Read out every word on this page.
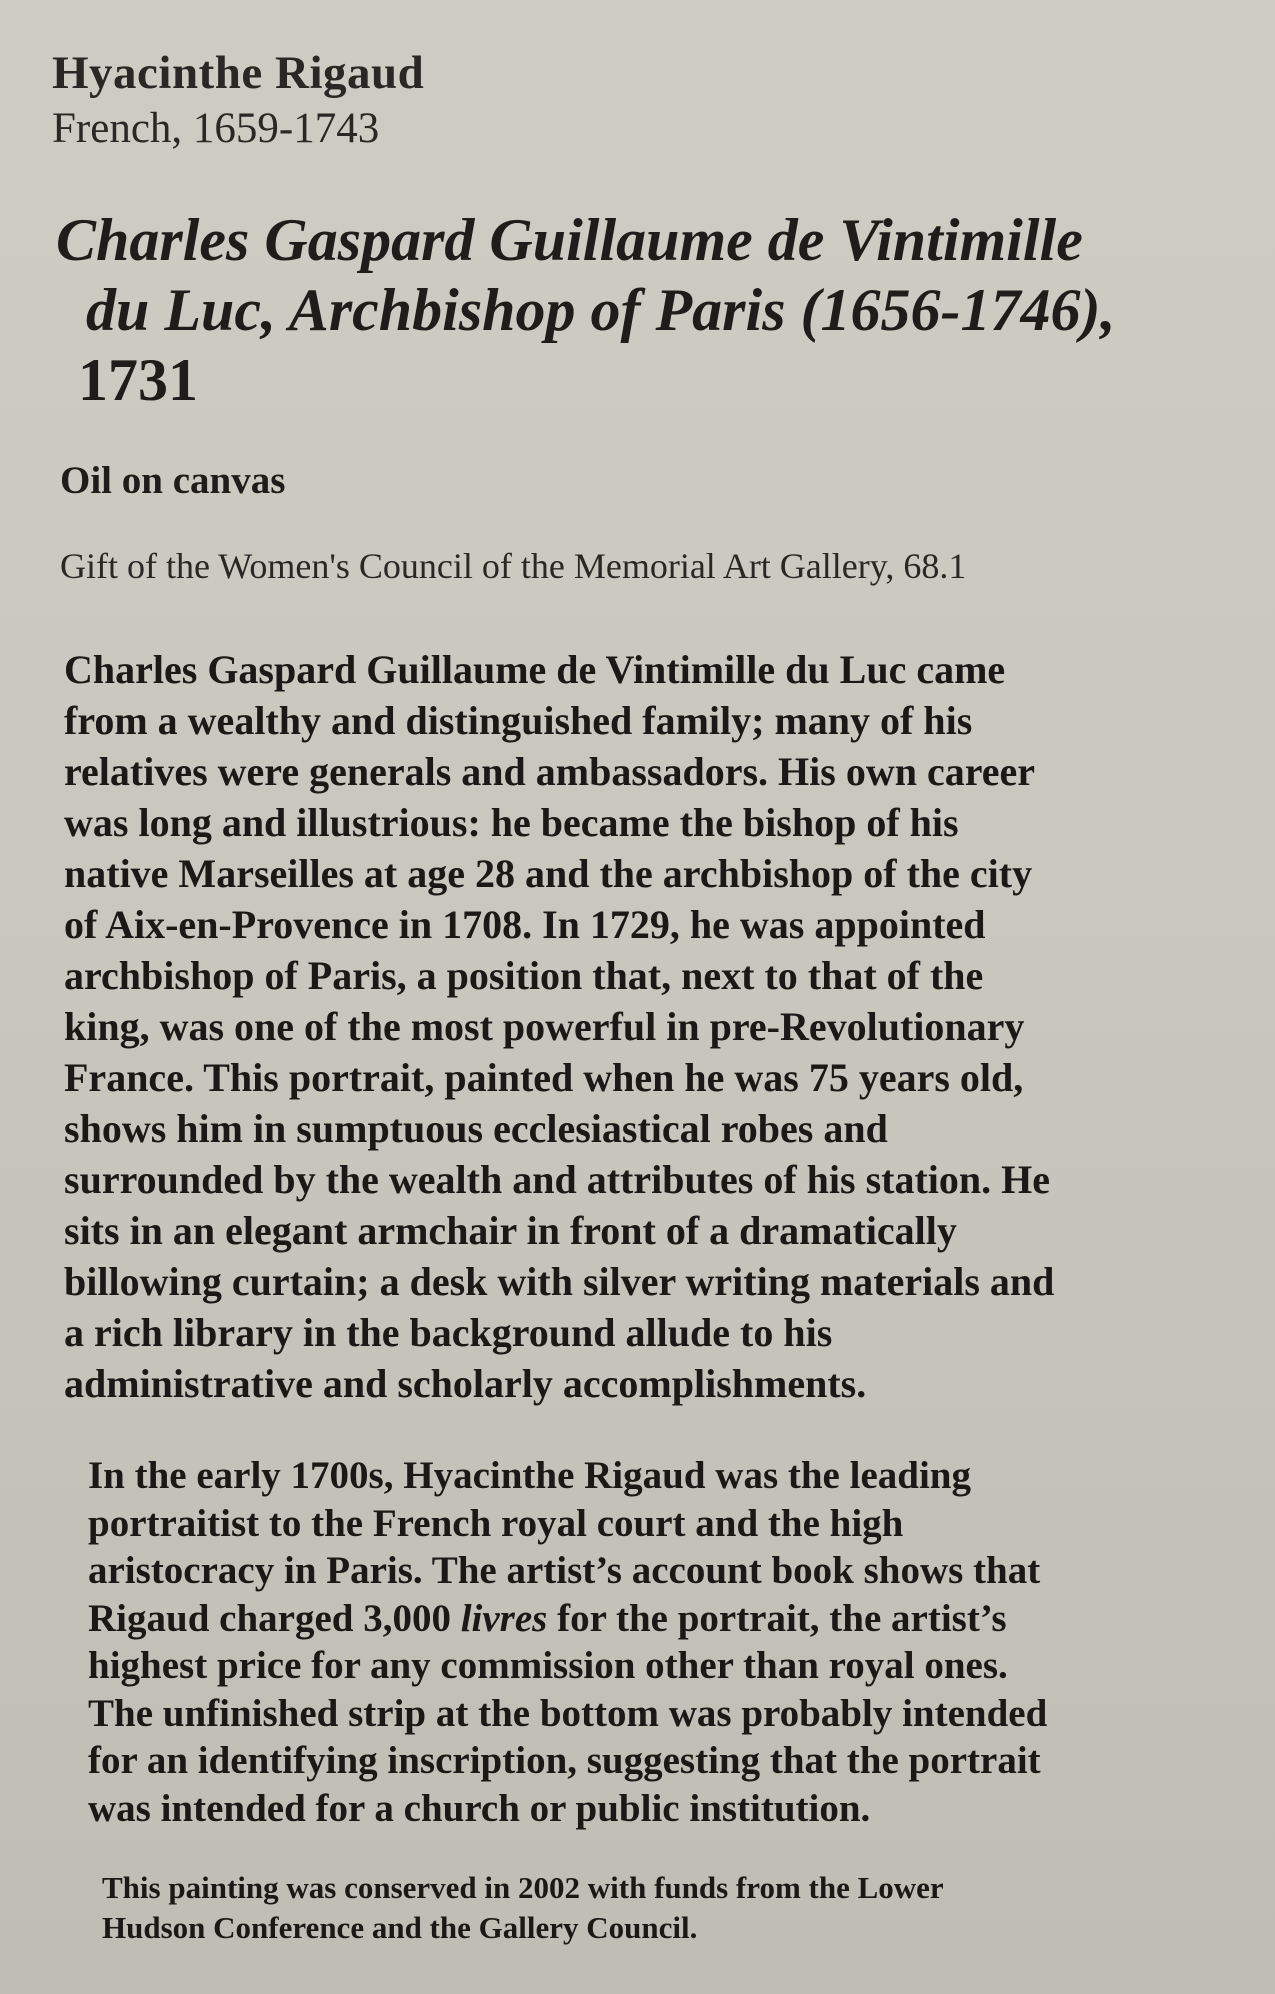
Hyacinthe Rigaud

French, 1659-1743

Charles Gaspard Guillaume de Vintimille
du Luc, Archbishop of Paris (1656-1746),
1731

Oil on canvas

Gift of the Women's Council of the Memorial Art Gallery, 68.1

Charles Gaspard Guillaume de Vintimille du Luc came
from a wealthy and distinguished family; many of his
relatives were generals and ambassadors. His own career
was long and illustrious: he became the bishop of his
native Marseilles at age 28 and the archbishop of the city
of Aix-en-Provence in 1708. In 1729, he was appointed
archbishop of Paris, a position that, next to that of the
king, was one of the most powerful in pre-Revolutionary
France. This portrait, painted when he was 75 years old,
shows him in sumptuous ecclesiastical robes and
surrounded by the wealth and attributes of his station. He
sits in an elegant armchair in front of a dramatically
billowing curtain; a desk with silver writing materials and
a rich library in the background allude to his
administrative and scholarly accomplishments.

In the early 1700s, Hyacinthe Rigaud was the leading
portraitist to the French royal court and the high
aristocracy in Paris. The artist’s account book shows that
Rigaud charged 3,000 livres for the portrait, the artist’s
highest price for any commission other than royal ones.
The unfinished strip at the bottom was probably intended
for an identifying inscription, suggesting that the portrait
was intended for a church or public institution.

This painting was conserved in 2002 with funds from the Lower
Hudson Conference and the Gallery Council.
